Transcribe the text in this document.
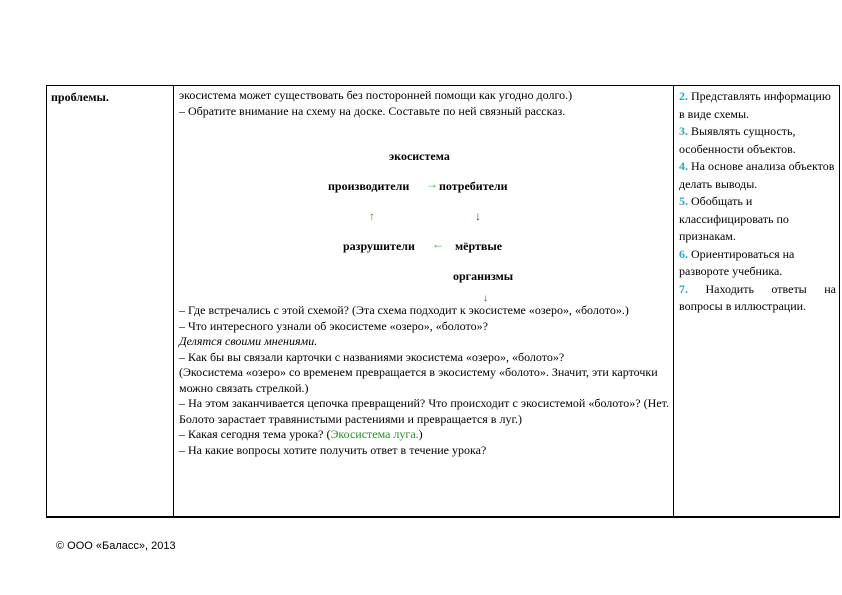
проблемы.	экосистема может существовать без посторонней помощи как угодно долго.)
– Обратите внимание на схему на доске. Составьте по ней связный рассказ.
экосистема
производители → потребители
↑	↓
разрушители ← мёртвые
организмы
↓
– Где встречались с этой схемой? (Эта схема подходит к экосистеме «озеро», «болото».)
– Что интересного узнали об экосистеме «озеро», «болото»?
Делятся своими мнениями.
– Как бы вы связали карточки с названиями экосистема «озеро», «болото»?
(Экосистема «озеро» со временем превращается в экосистему «болото». Значит, эти карточки можно связать стрелкой.)
– На этом заканчивается цепочка превращений? Что происходит с экосистемой «болото»? (Нет. Болото зарастает травянистыми растениями и превращается в луг.)
– Какая сегодня тема урока? (Экосистема луга.)
– На какие вопросы хотите получить ответ в течение урока?

2. Представлять информацию в виде схемы.

3. Выявлять сущность, особенности объектов.

4. На основе анализа объектов делать выводы.

5. Обобщать и классифицировать по признакам.

6. Ориентироваться на развороте учебника.

7. Находить ответы на вопросы в иллюстрации.

© ООО «Баласс», 2013
